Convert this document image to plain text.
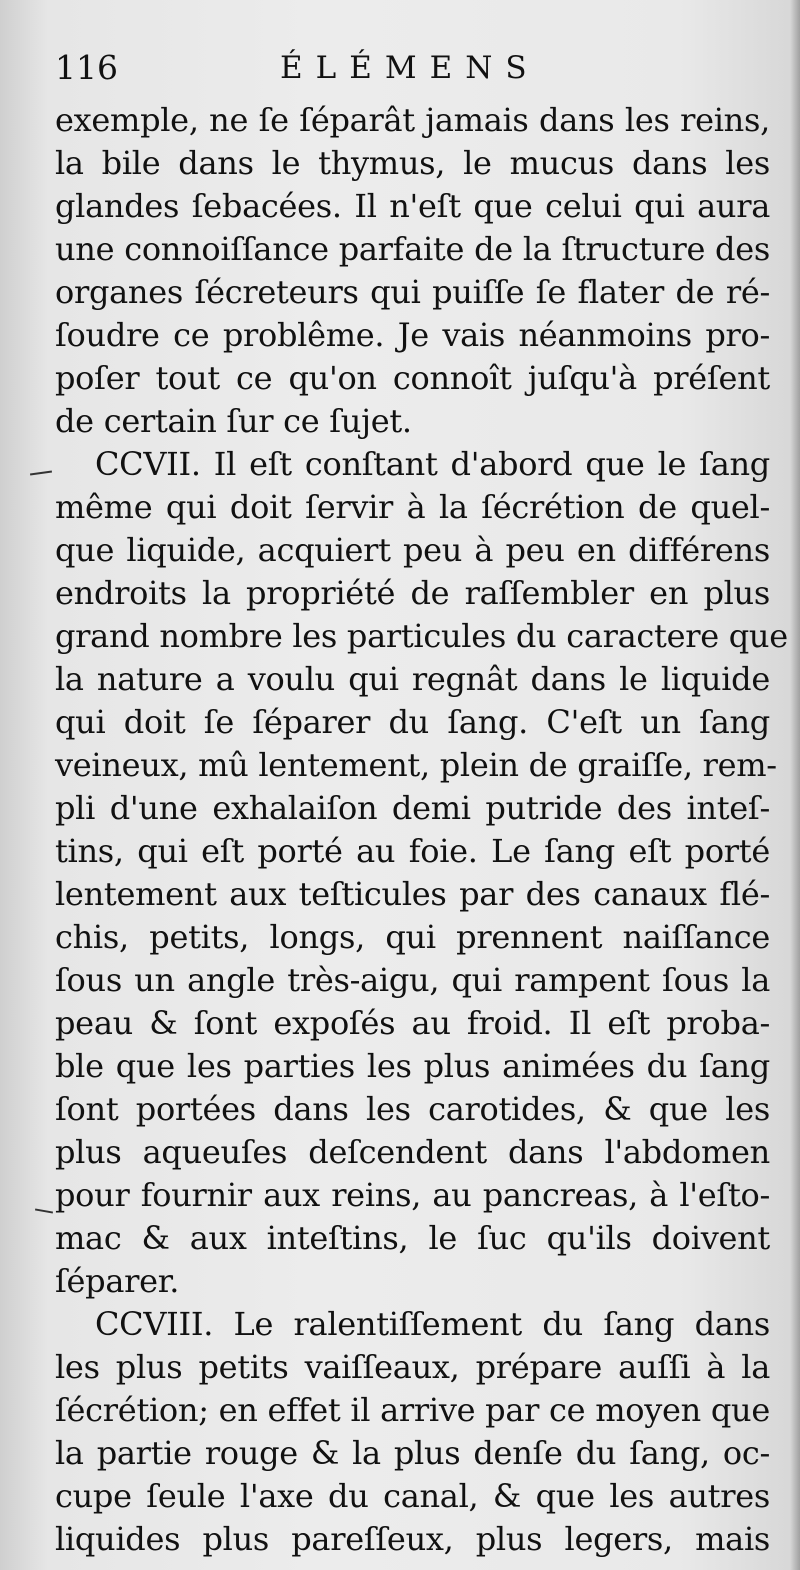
116	ÉLÉMENS
exemple, ne ſe ſéparât jamais dans les reins,
la bile dans le thymus, le mucus dans les
glandes ſebacées. Il n'eſt que celui qui aura
une connoiſſance parfaite de la ſtructure des
organes ſécreteurs qui puiſſe ſe flater de ré-
ſoudre ce problême. Je vais néanmoins pro-
poſer tout ce qu'on connoît juſqu'à préſent
de certain ſur ce ſujet.
CCVII. Il eſt conſtant d'abord que le ſang
même qui doit ſervir à la ſécrétion de quel-
que liquide, acquiert peu à peu en différens
endroits la propriété de raſſembler en plus
grand nombre les particules du caractere que
la nature a voulu qui regnât dans le liquide
qui doit ſe ſéparer du ſang. C'eſt un ſang
veineux, mû lentement, plein de graiſſe, rem-
pli d'une exhalaiſon demi putride des inteſ-
tins, qui eſt porté au foie. Le ſang eſt porté
lentement aux teſticules par des canaux flé-
chis, petits, longs, qui prennent naiſſance
ſous un angle très-aigu, qui rampent ſous la
peau & ſont expoſés au froid. Il eſt proba-
ble que les parties les plus animées du ſang
ſont portées dans les carotides, & que les
plus aqueuſes deſcendent dans l'abdomen
pour fournir aux reins, au pancreas, à l'eſto-
mac & aux inteſtins, le ſuc qu'ils doivent
ſéparer.
CCVIII. Le ralentiſſement du ſang dans
les plus petits vaiſſeaux, prépare auſſi à la
ſécrétion; en effet il arrive par ce moyen que
la partie rouge & la plus denſe du ſang, oc-
cupe ſeule l'axe du canal, & que les autres
liquides plus pareſſeux, plus legers, mais
